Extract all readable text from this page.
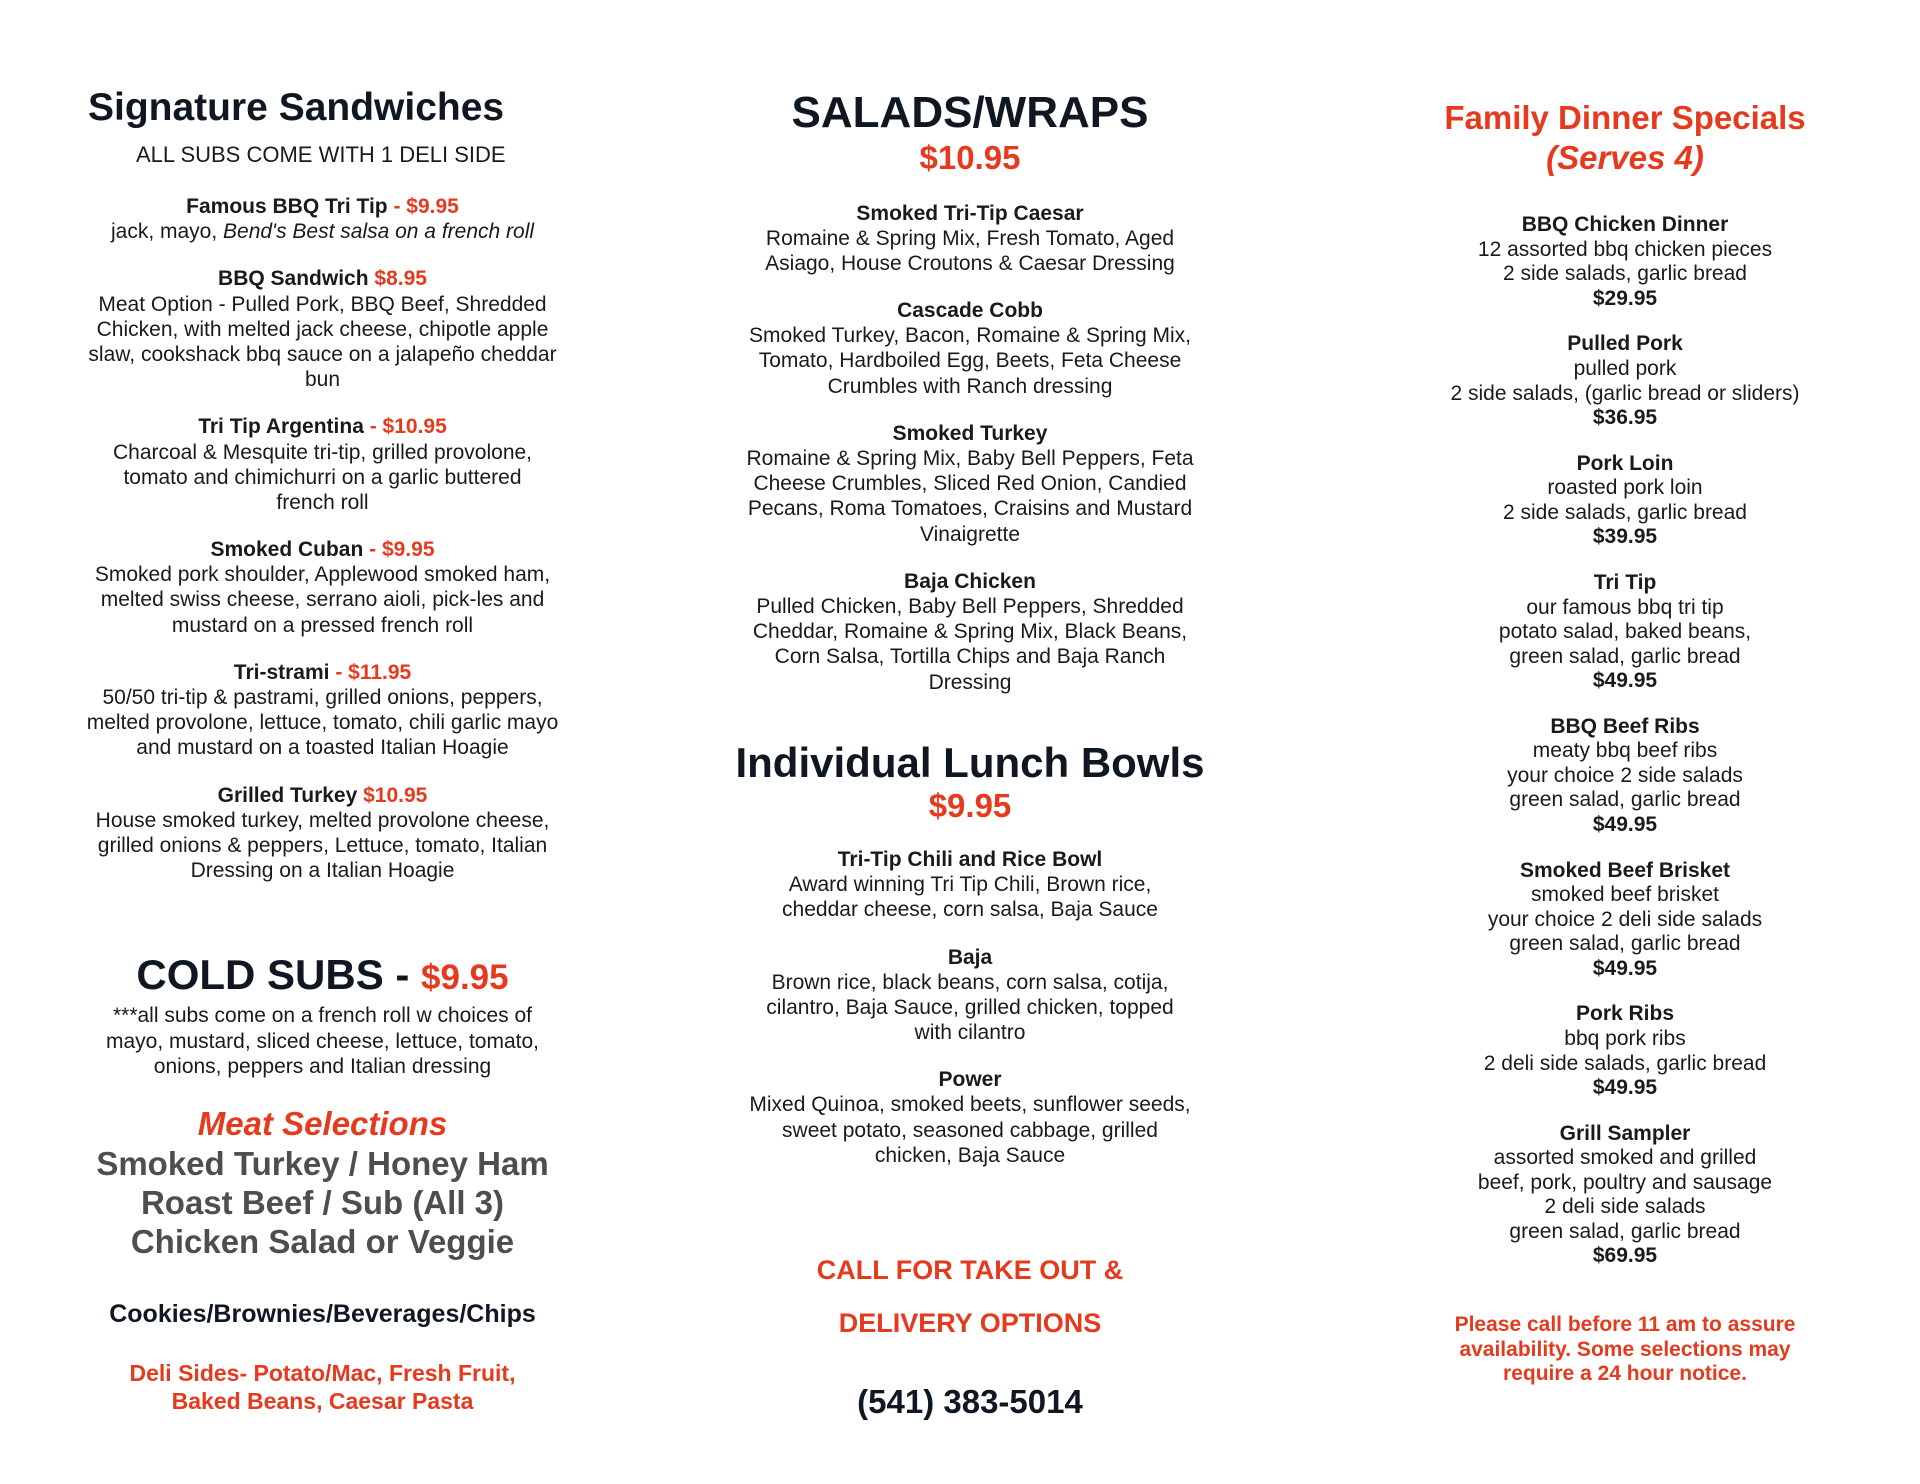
Signature Sandwiches
ALL SUBS COME WITH 1 DELI SIDE
Famous BBQ Tri Tip - $9.95
jack, mayo, Bend's Best salsa on a french roll
BBQ Sandwich $8.95
Meat Option - Pulled Pork, BBQ Beef, Shredded Chicken, with melted jack cheese, chipotle apple slaw, cookshack bbq sauce on a jalapeño cheddar bun
Tri Tip Argentina - $10.95
Charcoal & Mesquite tri-tip, grilled provolone, tomato and chimichurri on a garlic buttered french roll
Smoked Cuban - $9.95
Smoked pork shoulder, Applewood smoked ham, melted swiss cheese, serrano aioli, pick-les and mustard on a pressed french roll
Tri-strami - $11.95
50/50 tri-tip & pastrami, grilled onions, peppers, melted provolone, lettuce, tomato, chili garlic mayo and mustard on a toasted Italian Hoagie
Grilled Turkey $10.95
House smoked turkey, melted provolone cheese, grilled onions & peppers, Lettuce, tomato, Italian Dressing on a Italian Hoagie
COLD SUBS - $9.95
***all subs come on a french roll w choices of mayo, mustard, sliced cheese, lettuce, tomato, onions, peppers and Italian dressing
Meat Selections
Smoked Turkey / Honey Ham
Roast Beef / Sub (All 3)
Chicken Salad or Veggie
Cookies/Brownies/Beverages/Chips
Deli Sides- Potato/Mac, Fresh Fruit,
Baked Beans, Caesar Pasta
SALADS/WRAPS
$10.95
Smoked Tri-Tip Caesar
Romaine & Spring Mix, Fresh Tomato, Aged Asiago, House Croutons & Caesar Dressing
Cascade Cobb
Smoked Turkey, Bacon, Romaine & Spring Mix, Tomato, Hardboiled Egg, Beets, Feta Cheese Crumbles with Ranch dressing
Smoked Turkey
Romaine & Spring Mix, Baby Bell Peppers, Feta Cheese Crumbles, Sliced Red Onion, Candied Pecans, Roma Tomatoes, Craisins and Mustard Vinaigrette
Baja Chicken
Pulled Chicken, Baby Bell Peppers, Shredded Cheddar, Romaine & Spring Mix, Black Beans, Corn Salsa, Tortilla Chips and Baja Ranch Dressing
Individual Lunch Bowls
$9.95
Tri-Tip Chili and Rice Bowl
Award winning Tri Tip Chili, Brown rice, cheddar cheese, corn salsa, Baja Sauce
Baja
Brown rice, black beans, corn salsa, cotija, cilantro, Baja Sauce, grilled chicken, topped with cilantro
Power
Mixed Quinoa, smoked beets, sunflower seeds, sweet potato, seasoned cabbage, grilled chicken, Baja Sauce
CALL FOR TAKE OUT &
DELIVERY OPTIONS
(541) 383-5014
Family Dinner Specials
(Serves 4)
BBQ Chicken Dinner
12 assorted bbq chicken pieces
2 side salads, garlic bread
$29.95
Pulled Pork
pulled pork
2 side salads, (garlic bread or sliders)
$36.95
Pork Loin
roasted pork loin
2 side salads, garlic bread
$39.95
Tri Tip
our famous bbq tri tip
potato salad, baked beans,
green salad, garlic bread
$49.95
BBQ Beef Ribs
meaty bbq beef ribs
your choice 2 side salads
green salad, garlic bread
$49.95
Smoked Beef Brisket
smoked beef brisket
your choice 2 deli side salads
green salad, garlic bread
$49.95
Pork Ribs
bbq pork ribs
2 deli side salads, garlic bread
$49.95
Grill Sampler
assorted smoked and grilled
beef, pork, poultry and sausage
2 deli side salads
green salad, garlic bread
$69.95
Please call before 11 am to assure
availability. Some selections may
require a 24 hour notice.
